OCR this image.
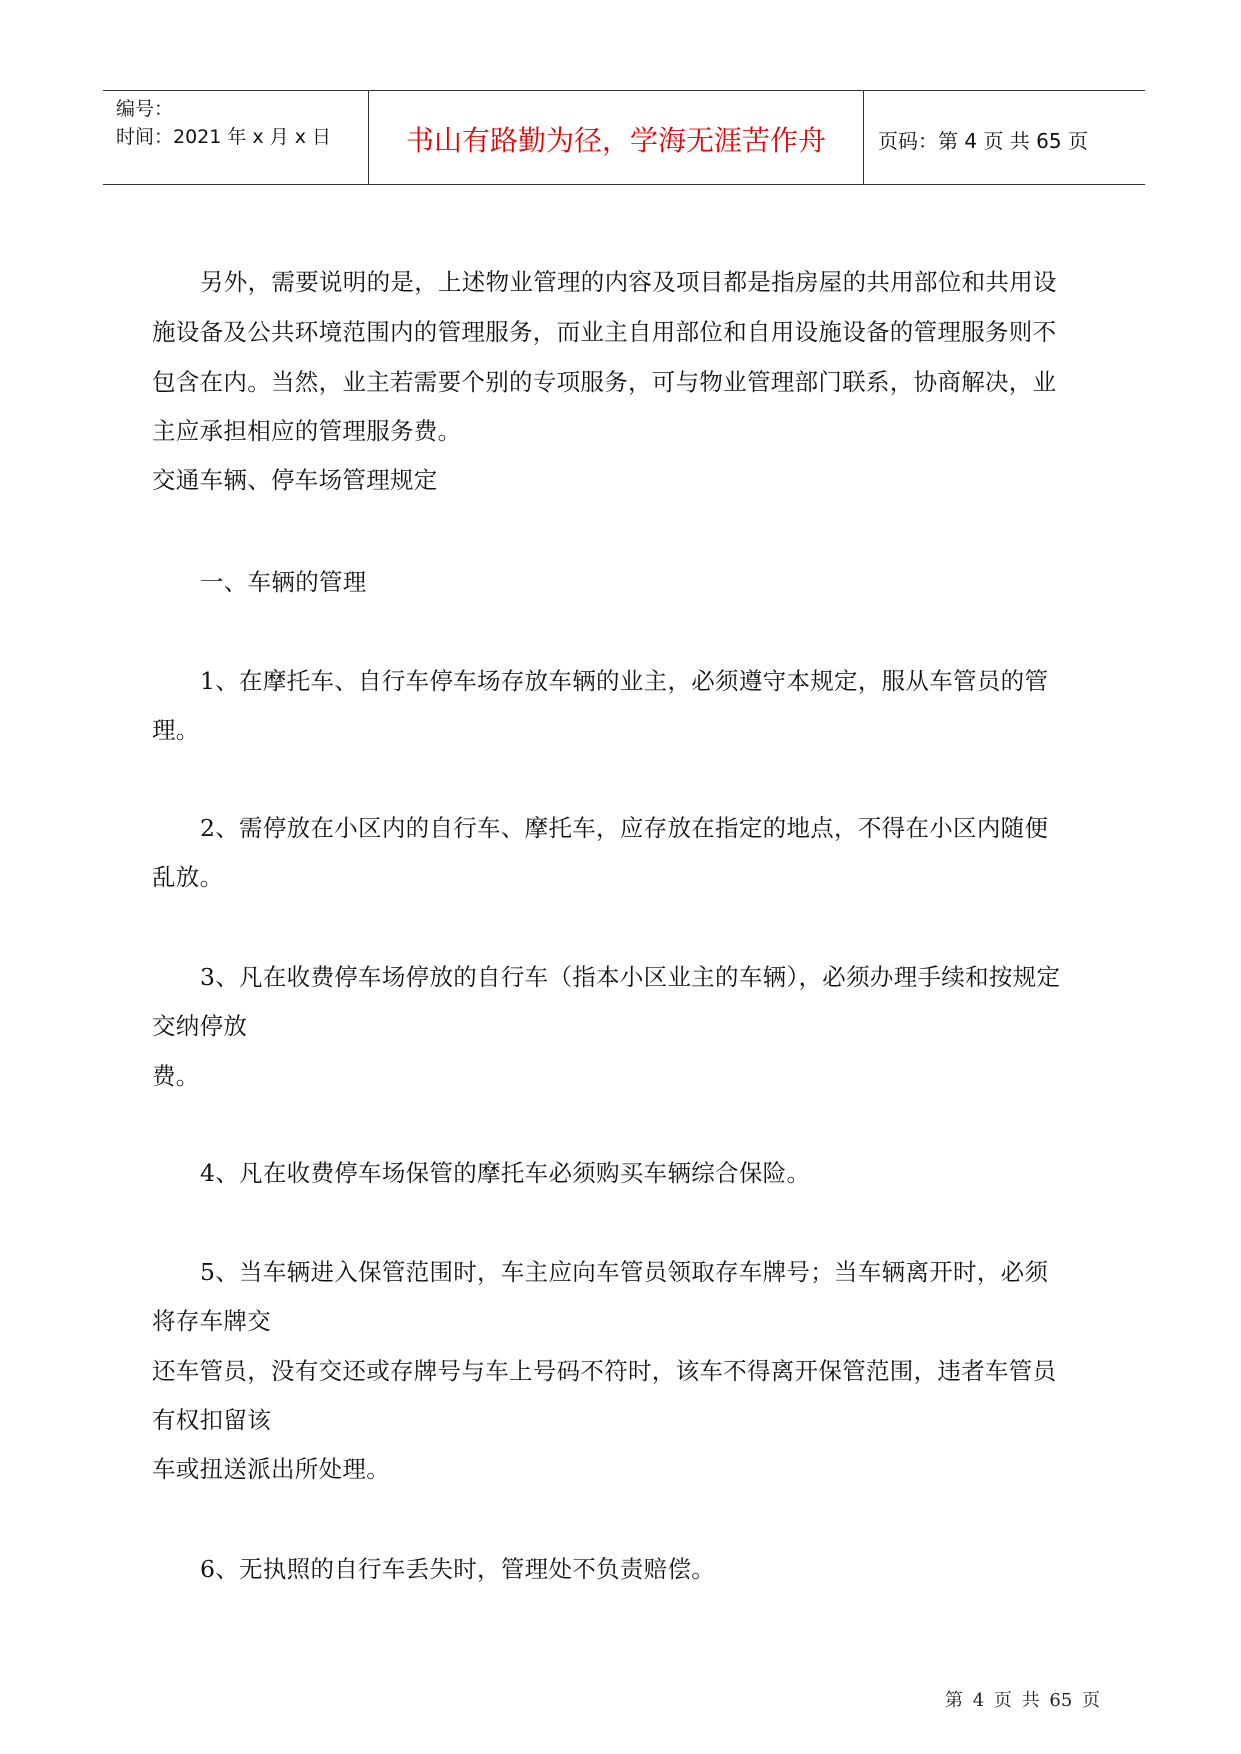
编号：
时间：2021 年 x 月 x 日	书山有路勤为径，学海无涯苦作舟	页码：第 4 页 共 65 页
另外，需要说明的是，上述物业管理的内容及项目都是指房屋的共用部位和共用设
施设备及公共环境范围内的管理服务，而业主自用部位和自用设施设备的管理服务则不
包含在内。当然，业主若需要个别的专项服务，可与物业管理部门联系，协商解决，业
主应承担相应的管理服务费。
交通车辆、停车场管理规定
一、车辆的管理
1、在摩托车、自行车停车场存放车辆的业主，必须遵守本规定，服从车管员的管
理。
2、需停放在小区内的自行车、摩托车，应存放在指定的地点，不得在小区内随便
乱放。
3、凡在收费停车场停放的自行车（指本小区业主的车辆），必须办理手续和按规定
交纳停放
费。
4、凡在收费停车场保管的摩托车必须购买车辆综合保险。
5、当车辆进入保管范围时，车主应向车管员领取存车牌号；当车辆离开时，必须
将存车牌交
还车管员，没有交还或存牌号与车上号码不符时，该车不得离开保管范围，违者车管员
有权扣留该
车或扭送派出所处理。
6、无执照的自行车丢失时，管理处不负责赔偿。
第 4 页 共 65 页
